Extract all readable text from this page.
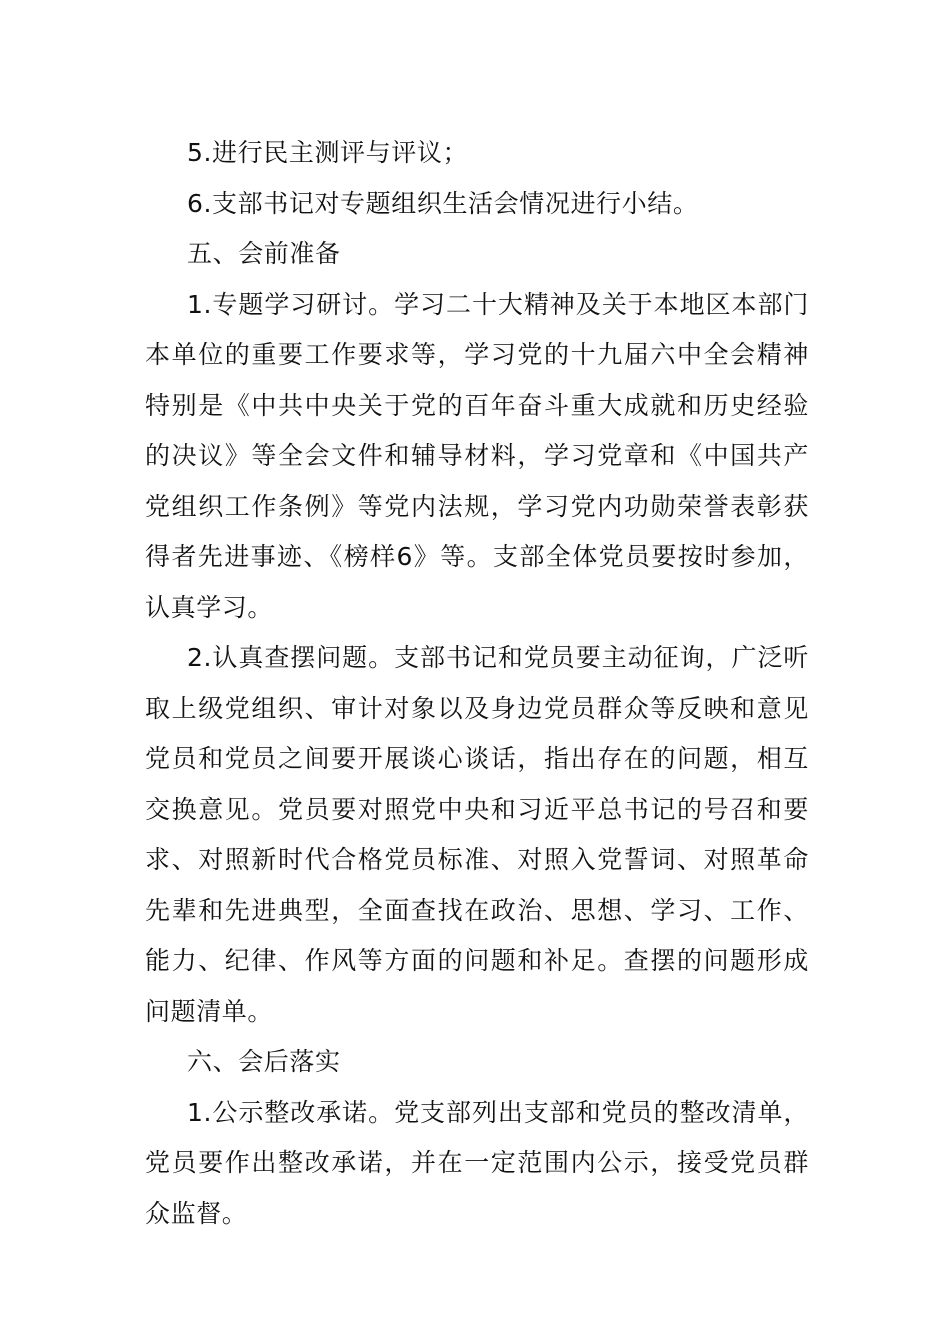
5.进行民主测评与评议；

6.支部书记对专题组织生活会情况进行小结。

五、会前准备

1.专题学习研讨。学习二十大精神及关于本地区本部门本单位的重要工作要求等，学习党的十九届六中全会精神特别是《中共中央关于党的百年奋斗重大成就和历史经验的决议》等全会文件和辅导材料，学习党章和《中国共产党组织工作条例》等党内法规，学习党内功勋荣誉表彰获得者先进事迹、《榜样6》等。支部全体党员要按时参加，认真学习。

2.认真查摆问题。支部书记和党员要主动征询，广泛听取上级党组织、审计对象以及身边党员群众等反映和意见党员和党员之间要开展谈心谈话，指出存在的问题，相互交换意见。党员要对照党中央和习近平总书记的号召和要求、对照新时代合格党员标准、对照入党誓词、对照革命先辈和先进典型，全面查找在政治、思想、学习、工作、能力、纪律、作风等方面的问题和补足。查摆的问题形成问题清单。

六、会后落实

1.公示整改承诺。党支部列出支部和党员的整改清单，党员要作出整改承诺，并在一定范围内公示，接受党员群众监督。
